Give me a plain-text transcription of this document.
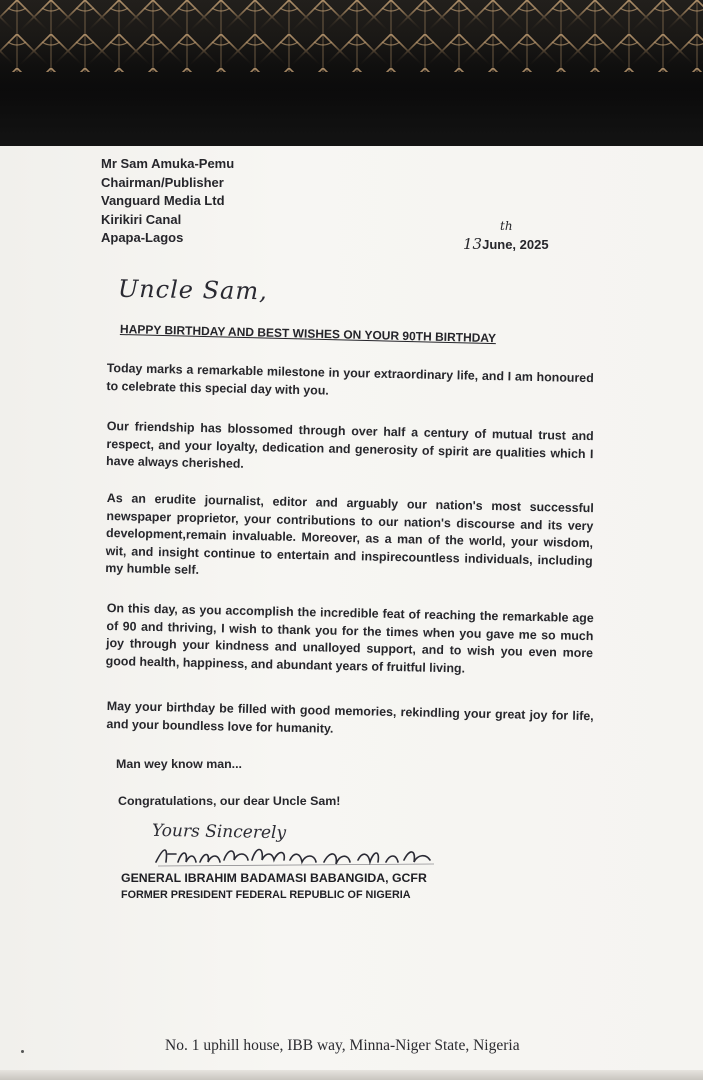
Mr Sam Amuka-Pemu
Chairman/Publisher
Vanguard Media Ltd
Kirikiri Canal
Apapa-Lagos	13
th
June, 2025
Uncle Sam,
HAPPY BIRTHDAY AND BEST WISHES ON YOUR 90TH BIRTHDAY

Today marks a remarkable milestone in your extraordinary life, and I am honoured to celebrate this special day with you.

Our friendship has blossomed through over half a century of mutual trust and respect, and your loyalty, dedication and generosity of spirit are qualities which I have always cherished.

As an erudite journalist, editor and arguably our nation's most successful newspaper proprietor, your contributions to our nation's discourse and its very development,remain invaluable. Moreover, as a man of the world, your wisdom, wit, and insight continue to entertain and inspirecountless individuals, including my humble self.

On this day, as you accomplish the incredible feat of reaching the remarkable age of 90 and thriving, I wish to thank you for the times when you gave me so much joy through your kindness and unalloyed support, and to wish you even more good health, happiness, and abundant years of fruitful living.

May your birthday be filled with good memories, rekindling your great joy for life, and your boundless love for humanity.

Man wey know man...
Congratulations, our dear Uncle Sam!
Yours Sincerely
GENERAL IBRAHIM BADAMASI BABANGIDA, GCFR
FORMER PRESIDENT FEDERAL REPUBLIC OF NIGERIA
No. 1 uphill house, IBB way, Minna-Niger State, Nigeria
